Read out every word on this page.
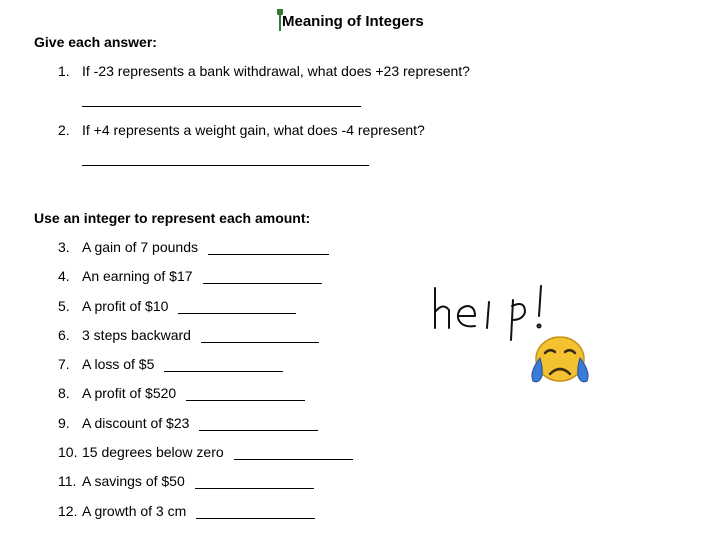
Meaning of Integers
Give each answer:
1. If -23 represents a bank withdrawal, what does +23 represent?
2. If +4 represents a weight gain, what does -4 represent?
Use an integer to represent each amount:
3. A gain of 7 pounds
4. An earning of $17
5. A profit of $10
6. 3 steps backward
7. A loss of $5
8. A profit of $520
9. A discount of $23
10. 15 degrees below zero
11. A savings of $50
12. A growth of 3 cm
